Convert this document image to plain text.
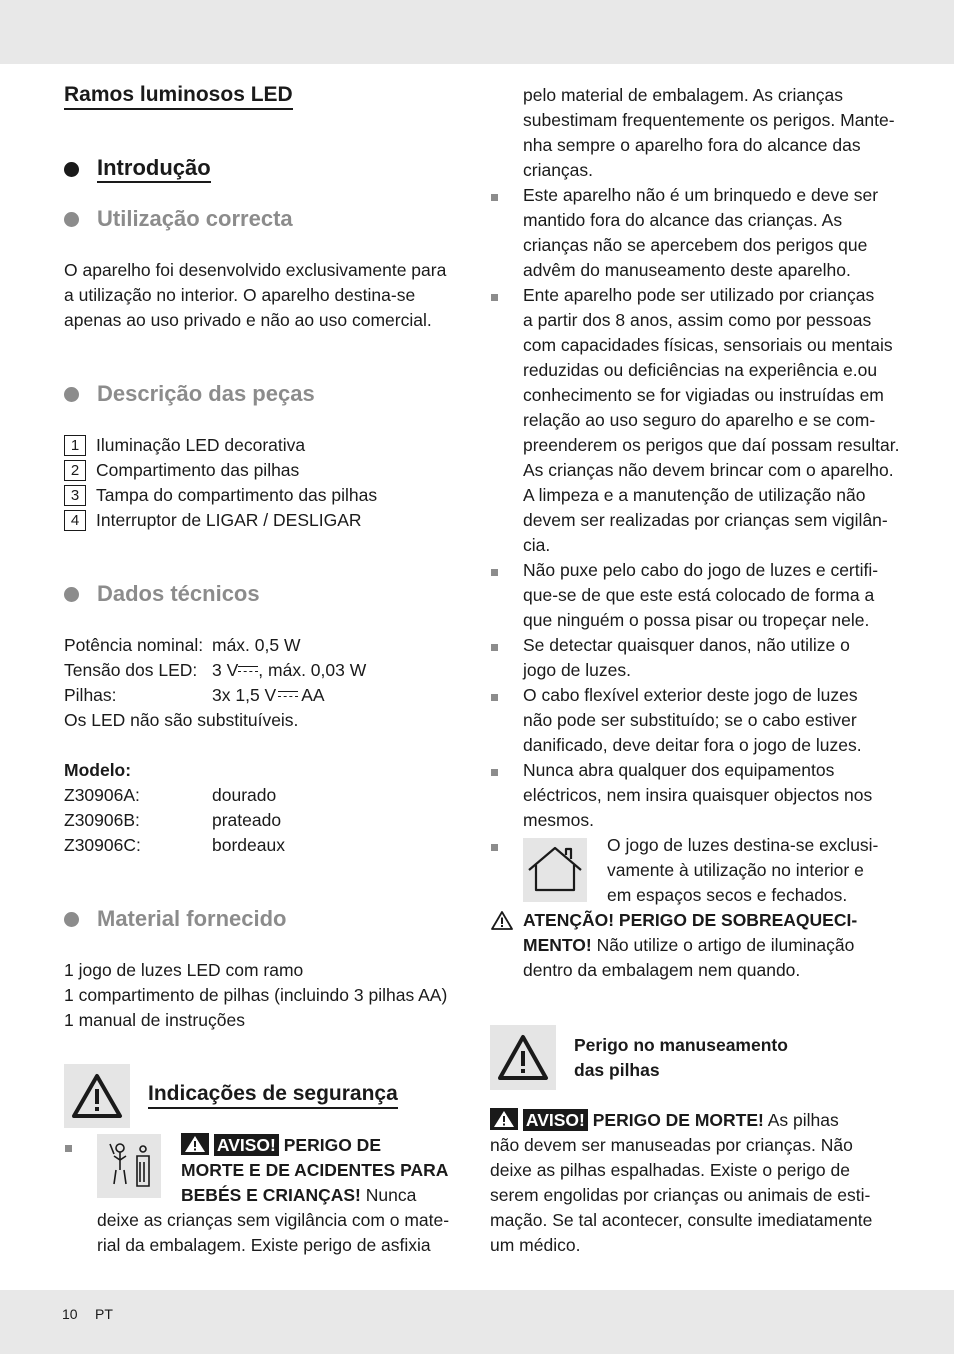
Ramos luminosos LED
Introdução
Utilização correcta
O aparelho foi desenvolvido exclusivamente para
a utilização no interior. O aparelho destina-se
apenas ao uso privado e não ao uso comercial.
Descrição das peças
1 Iluminação LED decorativa
2 Compartimento das pilhas
3 Tampa do compartimento das pilhas
4 Interruptor de LIGAR / DESLIGAR
Dados técnicos
Potência nominal: máx. 0,5 W
Tensão dos LED: 3 V , máx. 0,03 W
Pilhas:	3x 1,5 V AA
Os LED não são substituíveis.
Modelo:
Z30906A:	dourado
Z30906B:	prateado
Z30906C:	bordeaux
Material fornecido
1 jogo de luzes LED com ramo
1 compartimento de pilhas (incluindo 3 pilhas AA)
1 manual de instruções
Indicações de segurança
AVISO! PERIGO DE
MORTE E DE ACIDENTES PARA
BEBÉS E CRIANÇAS! Nunca
deixe as crianças sem vigilância com o mate-
rial da embalagem. Existe perigo de asfixia
pelo material de embalagem. As crianças
subestimam frequentemente os perigos. Mante-
nha sempre o aparelho fora do alcance das
crianças.
Este aparelho não é um brinquedo e deve ser
mantido fora do alcance das crianças. As
crianças não se apercebem dos perigos que
advêm do manuseamento deste aparelho.
Ente aparelho pode ser utilizado por crianças
a partir dos 8 anos, assim como por pessoas
com capacidades físicas, sensoriais ou mentais
reduzidas ou deficiências na experiência e.ou
conhecimento se for vigiadas ou instruídas em
relação ao uso seguro do aparelho e se com-
preenderem os perigos que daí possam resultar.
As crianças não devem brincar com o aparelho.
A limpeza e a manutenção de utilização não
devem ser realizadas por crianças sem vigilân-
cia.
Não puxe pelo cabo do jogo de luzes e certifi-
que-se de que este está colocado de forma a
que ninguém o possa pisar ou tropeçar nele.
Se detectar quaisquer danos, não utilize o
jogo de luzes.
O cabo flexível exterior deste jogo de luzes
não pode ser substituído; se o cabo estiver
danificado, deve deitar fora o jogo de luzes.
Nunca abra qualquer dos equipamentos
eléctricos, nem insira quaisquer objectos nos
mesmos.
O jogo de luzes destina-se exclusi-
vamente à utilização no interior e
em espaços secos e fechados.
ATENÇÃO! PERIGO DE SOBREAQUECI-
MENTO! Não utilize o artigo de iluminação
dentro da embalagem nem quando.
Perigo no manuseamento
das pilhas
AVISO! PERIGO DE MORTE! As pilhas
não devem ser manuseadas por crianças. Não
deixe as pilhas espalhadas. Existe o perigo de
serem engolidas por crianças ou animais de esti-
mação. Se tal acontecer, consulte imediatamente
um médico.
10 PT
